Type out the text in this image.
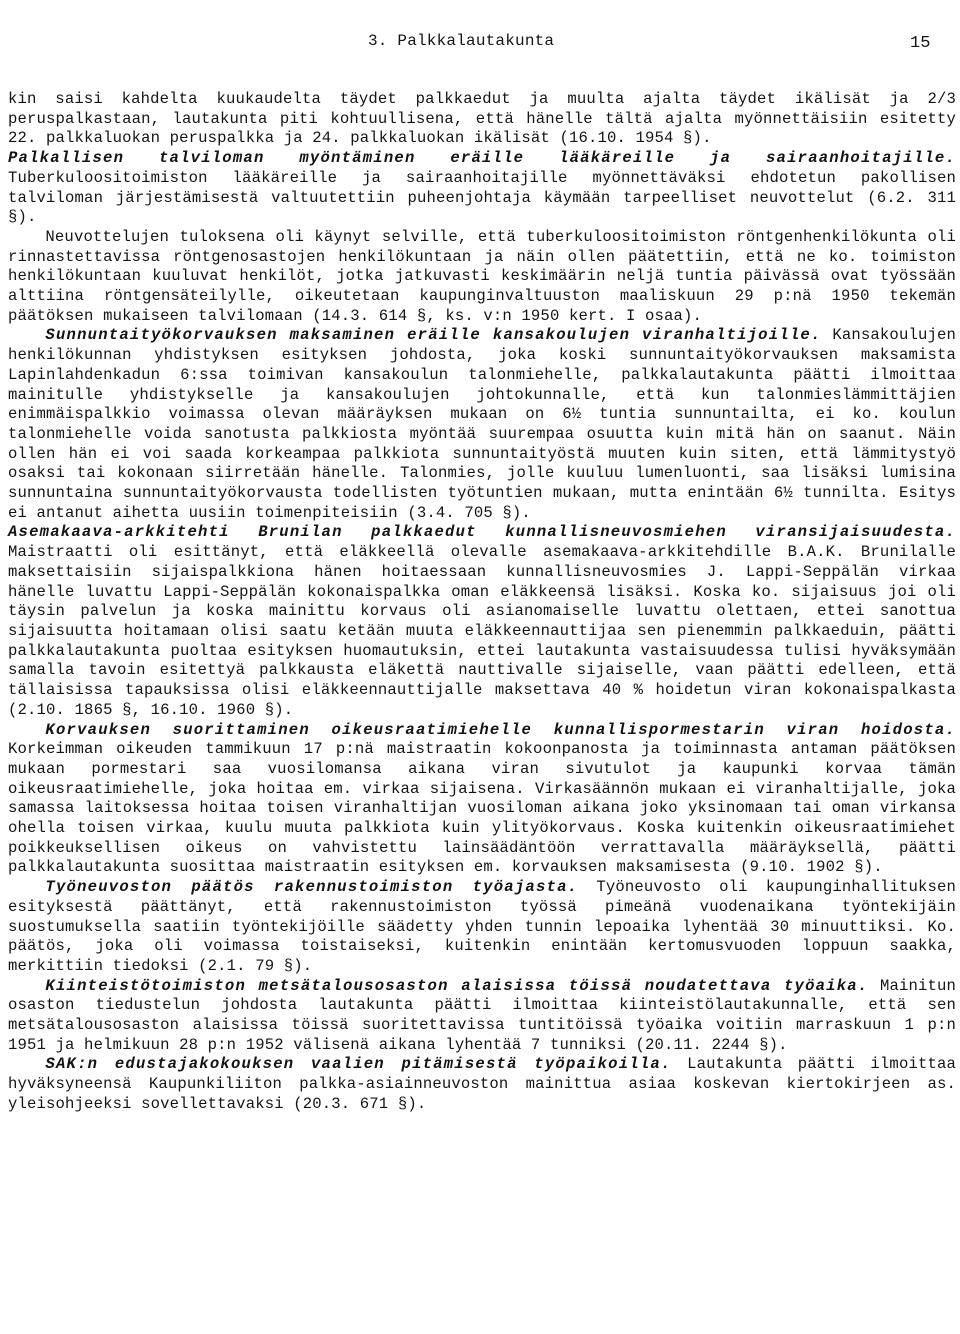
3. Palkkalautakunta	15

kin saisi kahdelta kuukaudelta täydet palkkaedut ja muulta ajalta täydet ikälisät ja 2/3 peruspalkastaan, lautakunta piti kohtuullisena, että hänelle tältä ajalta myönnettäisiin esitetty 22. palkkaluokan peruspalkka ja 24. palkkaluokan ikälisät (16.10. 1954 §).

Palkallisen talviloman myöntäminen eräille lääkäreille ja sairaanhoitajille. Tuberkuloositoimiston lääkäreille ja sairaanhoitajille myönnettäväksi ehdotetun pakollisen talviloman järjestämisestä valtuutettiin puheenjohtaja käymään tarpeelliset neuvottelut (6.2. 311 §).

Neuvottelujen tuloksena oli käynyt selville, että tuberkuloositoimiston röntgenhenkilökunta oli rinnastettavissa röntgenosastojen henkilökuntaan ja näin ollen päätettiin, että ne ko. toimiston henkilökuntaan kuuluvat henkilöt, jotka jatkuvasti keskimäärin neljä tuntia päivässä ovat työssään alttiina röntgensäteilylle, oikeutetaan kaupunginvaltuuston maaliskuun 29 p:nä 1950 tekemän päätöksen mukaiseen talvilomaan (14.3. 614 §, ks. v:n 1950 kert. I osaa).

Sunnuntaityökorvauksen maksaminen eräille kansakoulujen viranhaltijoille. Kansakoulujen henkilökunnan yhdistyksen esityksen johdosta, joka koski sunnuntaityökorvauksen maksamista Lapinlahdenkadun 6:ssa toimivan kansakoulun talonmiehelle, palkkalautakunta päätti ilmoittaa mainitulle yhdistykselle ja kansakoulujen johtokunnalle, että kun talonmieslämmittäjien enimmäispalkkio voimassa olevan määräyksen mukaan on 6½ tuntia sunnuntailta, ei ko. koulun talonmiehelle voida sanotusta palkkiosta myöntää suurempaa osuutta kuin mitä hän on saanut. Näin ollen hän ei voi saada korkeampaa palkkiota sunnuntaityöstä muuten kuin siten, että lämmitystyö osaksi tai kokonaan siirretään hänelle. Talonmies, jolle kuuluu lumenluonti, saa lisäksi lumisina sunnuntaina sunnuntaityökorvausta todellisten työtuntien mukaan, mutta enintään 6½ tunnilta. Esitys ei antanut aihetta uusiin toimenpiteisiin (3.4. 705 §).

Asemakaava-arkkitehti Brunilan palkkaedut kunnallisneuvosmiehen viransijaisuudesta. Maistraatti oli esittänyt, että eläkkeellä olevalle asemakaava-arkkitehdille B.A.K. Brunilalle maksettaisiin sijaispalkkiona hänen hoitaessaan kunnallisneuvosmies J. Lappi-Seppälän virkaa hänelle luvattu Lappi-Seppälän kokonaispalkka oman eläkkeensä lisäksi. Koska ko. sijaisuus joi oli täysin palvelun ja koska mainittu korvaus oli asianomaiselle luvattu olettaen, ettei sanottua sijaisuutta hoitamaan olisi saatu ketään muuta eläkkeennauttijaa sen pienemmin palkkaeduin, päätti palkkalautakunta puoltaa esityksen huomautuksin, ettei lautakunta vastaisuudessa tulisi hyväksymään samalla tavoin esitettyä palkkausta eläkettä nauttivalle sijaiselle, vaan päätti edelleen, että tällaisissa tapauksissa olisi eläkkeennauttijalle maksettava 40 % hoidetun viran kokonaispalkasta (2.10. 1865 §, 16.10. 1960 §).

Korvauksen suorittaminen oikeusraatimiehelle kunnallispormestarin viran hoidosta. Korkeimman oikeuden tammikuun 17 p:nä maistraatin kokoonpanosta ja toiminnasta antaman päätöksen mukaan pormestari saa vuosilomansa aikana viran sivutulot ja kaupunki korvaa tämän oikeusraatimiehelle, joka hoitaa em. virkaa sijaisena. Virkasäännön mukaan ei viranhaltijalle, joka samassa laitoksessa hoitaa toisen viranhaltijan vuosiloman aikana joko yksinomaan tai oman virkansa ohella toisen virkaa, kuulu muuta palkkiota kuin ylityökorvaus. Koska kuitenkin oikeusraatimiehet poikkeuksellisen oikeus on vahvistettu lainsäädäntöön verrattavalla määräyksellä, päätti palkkalautakunta suosittaa maistraatin esityksen em. korvauksen maksamisesta (9.10. 1902 §).

Työneuvoston päätös rakennustoimiston työajasta. Työneuvosto oli kaupunginhallituksen esityksestä päättänyt, että rakennustoimiston työssä pimeänä vuodenaikana työntekijäin suostumuksella saatiin työntekijöille säädetty yhden tunnin lepoaika lyhentää 30 minuuttiksi. Ko. päätös, joka oli voimassa toistaiseksi, kuitenkin enintään kertomusvuoden loppuun saakka, merkittiin tiedoksi (2.1. 79 §).

Kiinteistötoimiston metsätalousosaston alaisissa töissä noudatettava työaika. Mainitun osaston tiedustelun johdosta lautakunta päätti ilmoittaa kiinteistölautakunnalle, että sen metsätalousosaston alaisissa töissä suoritettavissa tuntitöissä työaika voitiin marraskuun 1 p:n 1951 ja helmikuun 28 p:n 1952 välisenä aikana lyhentää 7 tunniksi (20.11. 2244 §).

SAK:n edustajakokouksen vaalien pitämisestä työpaikoilla. Lautakunta päätti ilmoittaa hyväksyneensä Kaupunkiliiton palkka-asiainneuvoston mainittua asiaa koskevan kiertokirjeen as. yleisohjeeksi sovellettavaksi (20.3. 671 §).
